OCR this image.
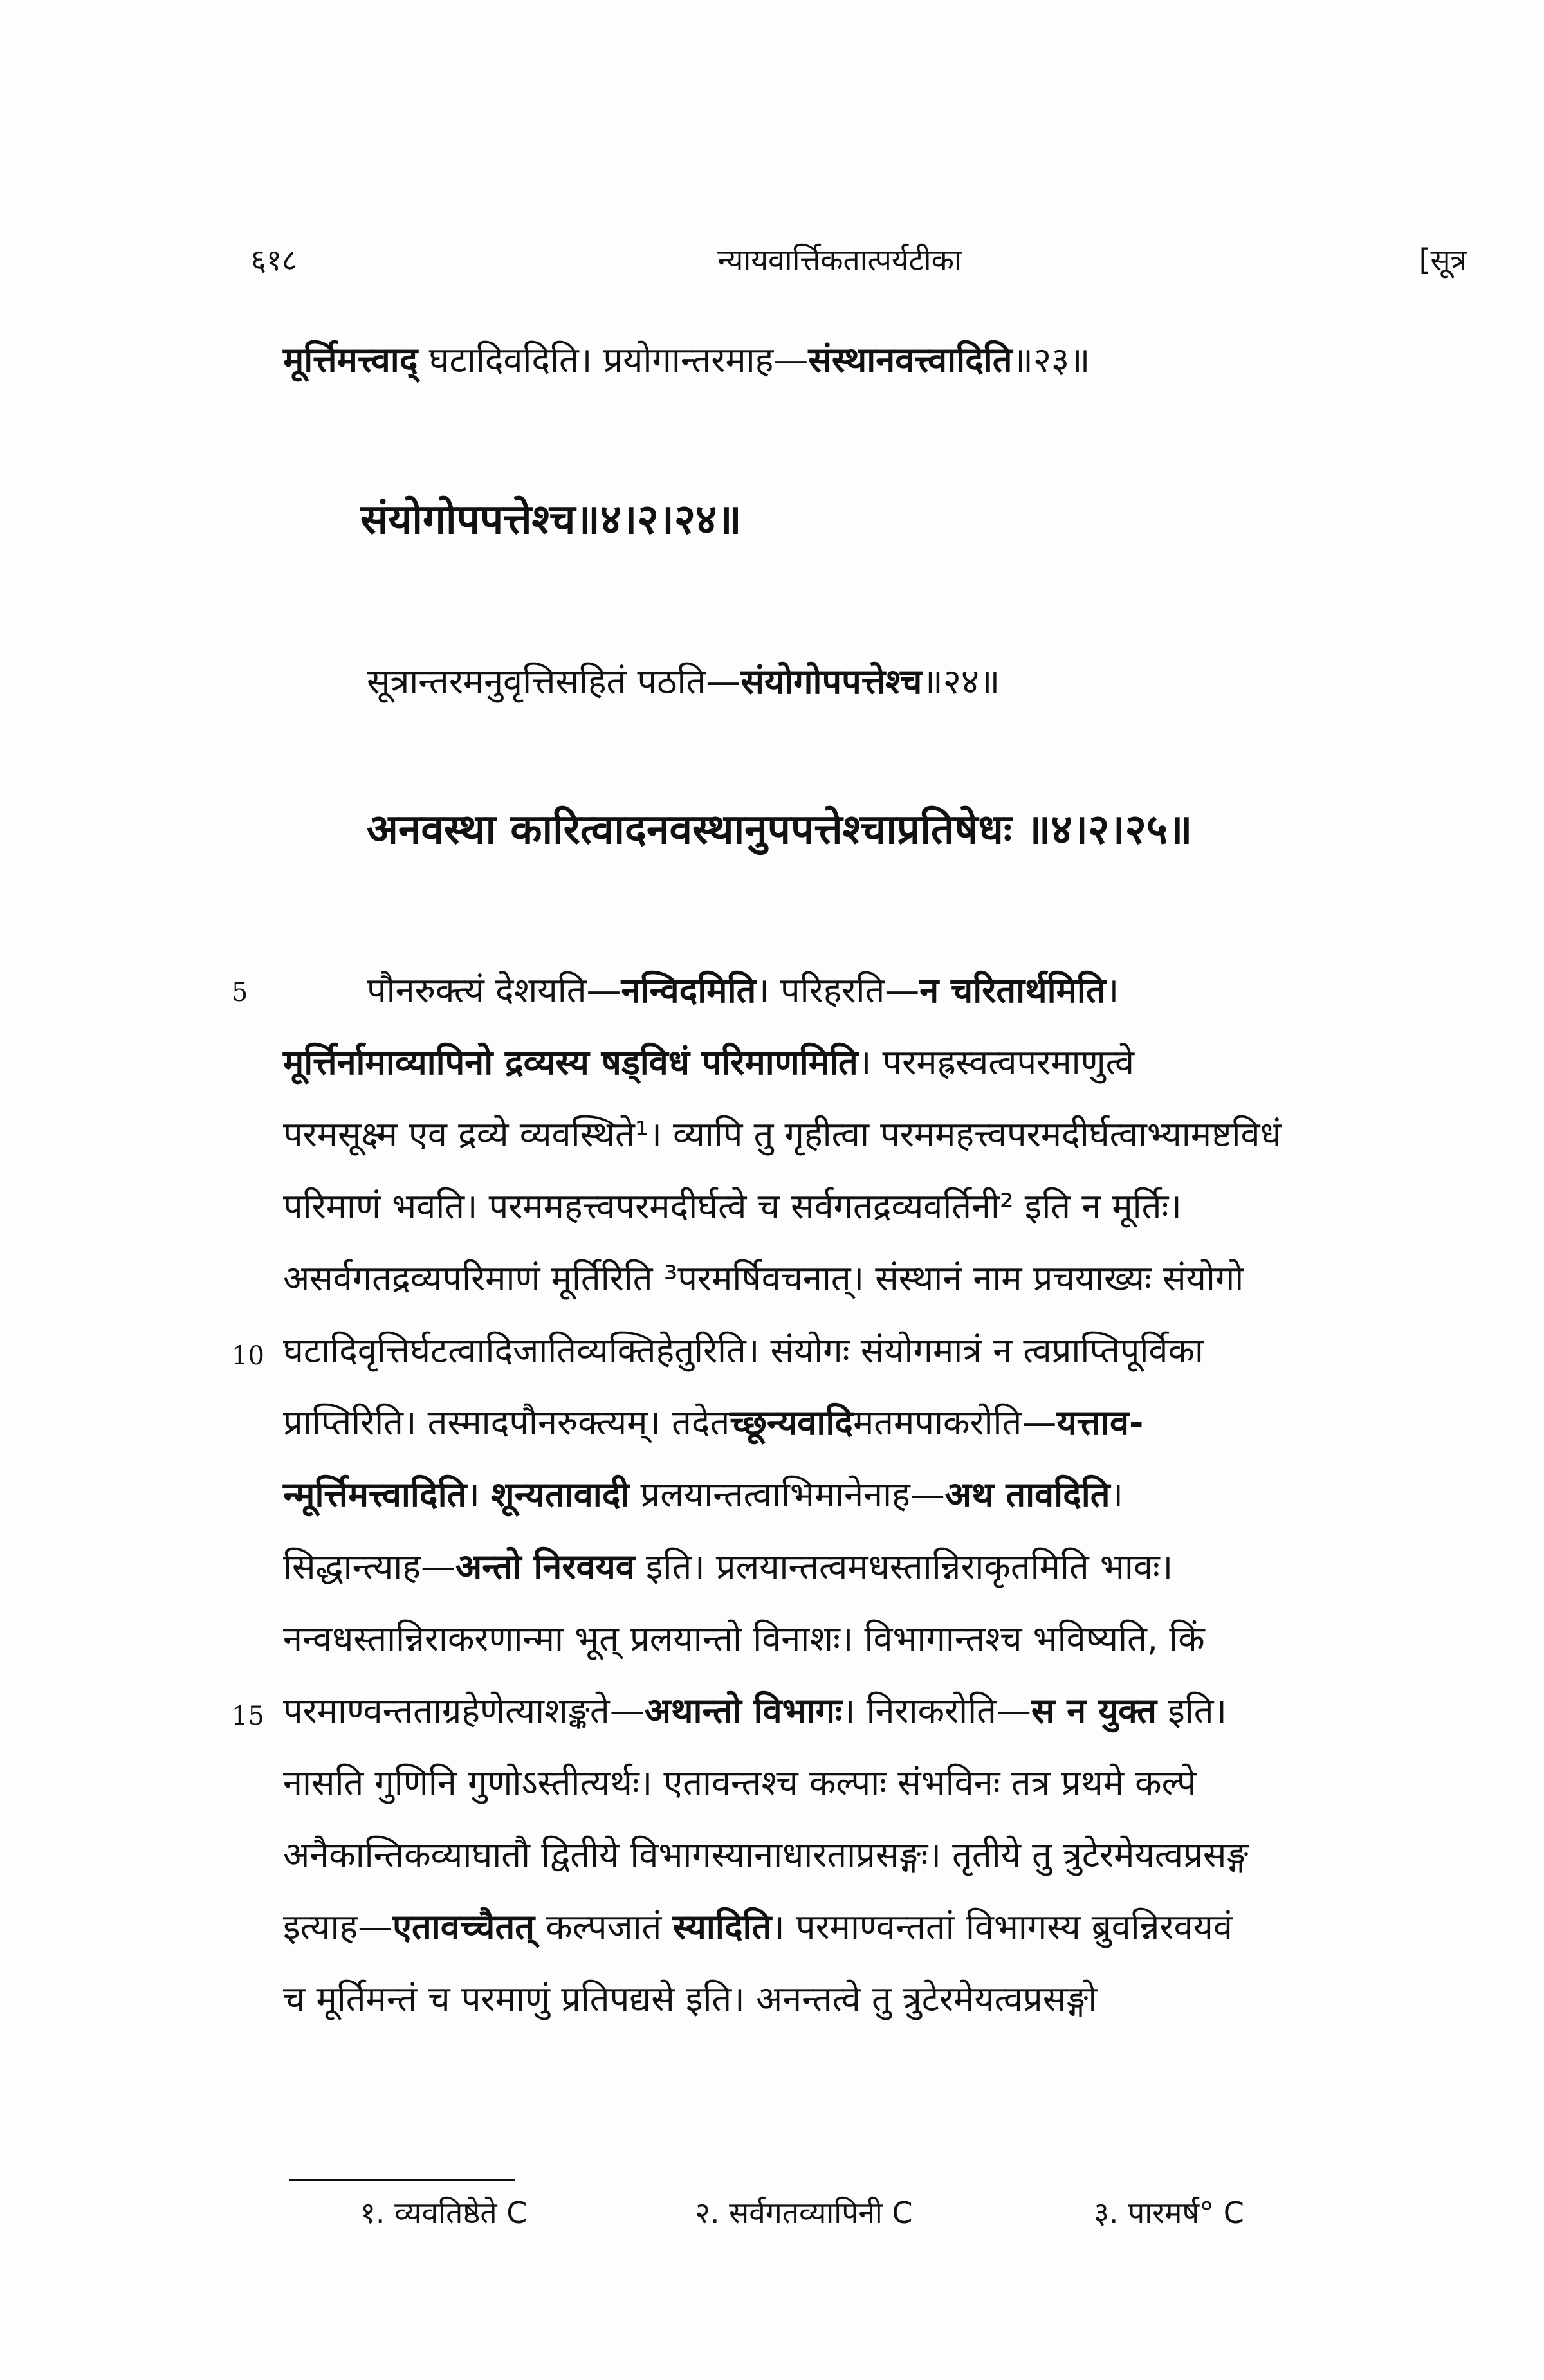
६१८	न्यायवार्त्तिकतात्पर्यटीका	[सूत्र
मूर्त्तिमत्त्वाद् घटादिवदिति। प्रयोगान्तरमाह—संस्थानवत्त्वादिति॥२३॥
संयोगोपपत्तेश्च॥४।२।२४॥
सूत्रान्तरमनुवृत्तिसहितं पठति—संयोगोपपत्तेश्च॥२४॥
अनवस्था कारित्वादनवस्थानुपपत्तेश्चाप्रतिषेधः ॥४।२।२५॥
5	पौनरुक्त्यं देशयति—नन्विदमिति। परिहरति—न चरितार्थमिति।
मूर्त्तिर्नामाव्यापिनो द्रव्यस्य षड्विधं परिमाणमिति। परमह्रस्वत्वपरमाणुत्वे
परमसूक्ष्म एव द्रव्ये व्यवस्थिते¹। व्यापि तु गृहीत्वा परममहत्त्वपरमदीर्घत्वाभ्यामष्टविधं
परिमाणं भवति। परममहत्त्वपरमदीर्घत्वे च सर्वगतद्रव्यवर्तिनी² इति न मूर्तिः।
असर्वगतद्रव्यपरिमाणं मूर्तिरिति ³परमर्षिवचनात्। संस्थानं नाम प्रचयाख्यः संयोगो
10 घटादिवृत्तिर्घटत्वादिजातिव्यक्तिहेतुरिति। संयोगः संयोगमात्रं न त्वप्राप्तिपूर्विका
प्राप्तिरिति। तस्मादपौनरुक्त्यम्। तदेतच्छून्यवादिमतमपाकरोति—यत्ताव-
न्मूर्त्तिमत्त्वादिति। शून्यतावादी प्रलयान्तत्वाभिमानेनाह—अथ तावदिति।
सिद्धान्त्याह—अन्तो निरवयव इति। प्रलयान्तत्वमधस्तान्निराकृतमिति भावः।
नन्वधस्तान्निराकरणान्मा भूत् प्रलयान्तो विनाशः। विभागान्तश्च भविष्यति, किं
15 परमाण्वन्तताग्रहेणेत्याशङ्कते—अथान्तो विभागः। निराकरोति—स न युक्त इति।
नासति गुणिनि गुणोऽस्तीत्यर्थः। एतावन्तश्च कल्पाः संभविनः तत्र प्रथमे कल्पे
अनैकान्तिकव्याघातौ द्वितीये विभागस्यानाधारताप्रसङ्गः। तृतीये तु त्रुटेरमेयत्वप्रसङ्ग
इत्याह—एतावच्चैतत् कल्पजातं स्यादिति। परमाण्वन्ततां विभागस्य ब्रुवन्निरवयवं
च मूर्तिमन्तं च परमाणुं प्रतिपद्यसे इति। अनन्तत्वे तु त्रुटेरमेयत्वप्रसङ्गो
१. व्यवतिष्ठेते C	२. सर्वगतव्यापिनी C	३. पारमर्ष° C
